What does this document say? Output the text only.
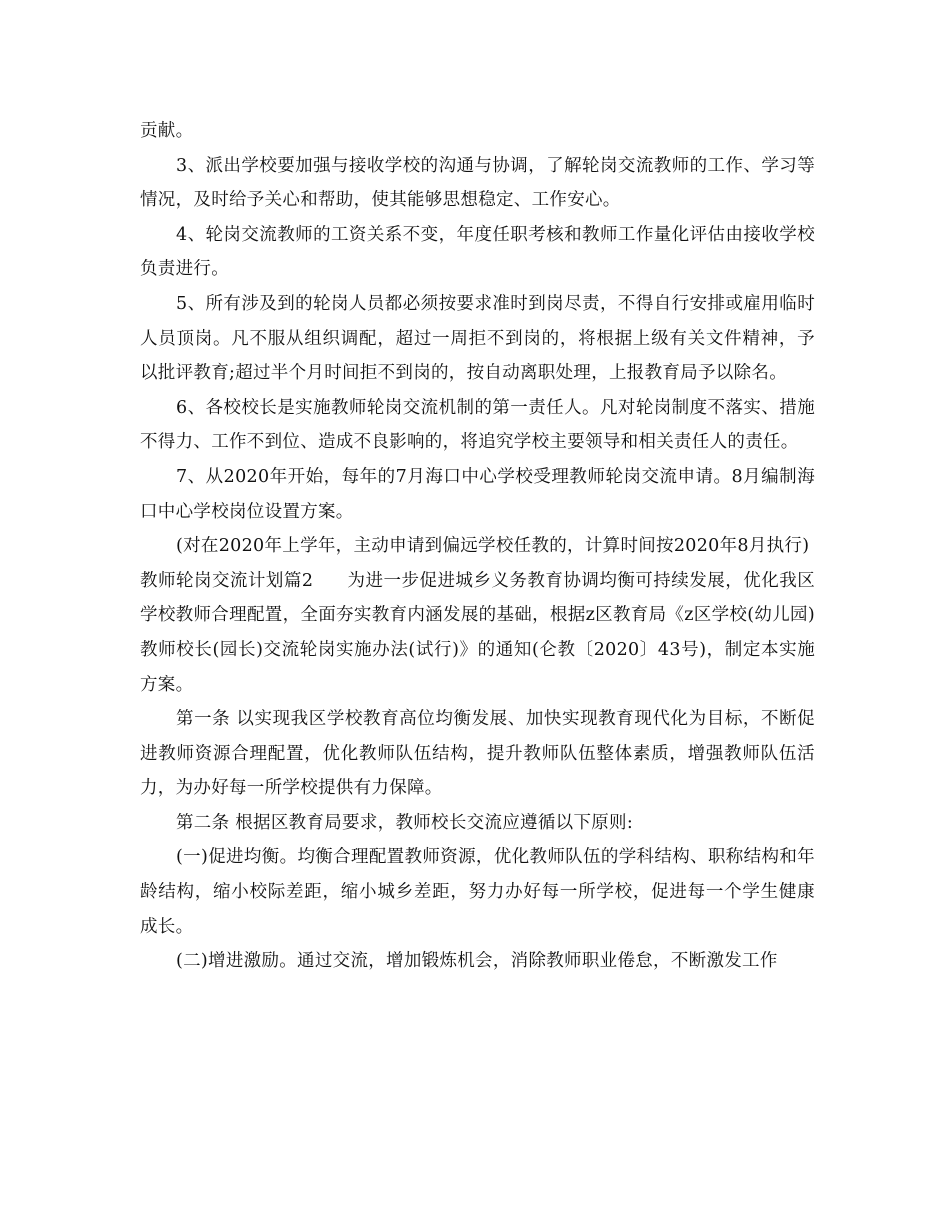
贡献。

3、派出学校要加强与接收学校的沟通与协调，了解轮岗交流教师的工作、学习等情况，及时给予关心和帮助，使其能够思想稳定、工作安心。

4、轮岗交流教师的工资关系不变，年度任职考核和教师工作量化评估由接收学校负责进行。

5、所有涉及到的轮岗人员都必须按要求准时到岗尽责，不得自行安排或雇用临时人员顶岗。凡不服从组织调配，超过一周拒不到岗的，将根据上级有关文件精神，予以批评教育;超过半个月时间拒不到岗的，按自动离职处理，上报教育局予以除名。

6、各校校长是实施教师轮岗交流机制的第一责任人。凡对轮岗制度不落实、措施不得力、工作不到位、造成不良影响的，将追究学校主要领导和相关责任人的责任。

7、从2020年开始，每年的7月海口中心学校受理教师轮岗交流申请。8月编制海口中心学校岗位设置方案。

(对在2020年上学年，主动申请到偏远学校任教的，计算时间按2020年8月执行)

教师轮岗交流计划篇2 为进一步促进城乡义务教育协调均衡可持续发展，优化我区学校教师合理配置，全面夯实教育内涵发展的基础，根据z区教育局《z区学校(幼儿园)教师校长(园长)交流轮岗实施办法(试行)》的通知(仑教〔2020〕43号)，制定本实施方案。

第一条 以实现我区学校教育高位均衡发展、加快实现教育现代化为目标，不断促进教师资源合理配置，优化教师队伍结构，提升教师队伍整体素质，增强教师队伍活力，为办好每一所学校提供有力保障。

第二条 根据区教育局要求，教师校长交流应遵循以下原则:

(一)促进均衡。均衡合理配置教师资源，优化教师队伍的学科结构、职称结构和年龄结构，缩小校际差距，缩小城乡差距，努力办好每一所学校，促进每一个学生健康成长。

(二)增进激励。通过交流，增加锻炼机会，消除教师职业倦怠，不断激发工作
